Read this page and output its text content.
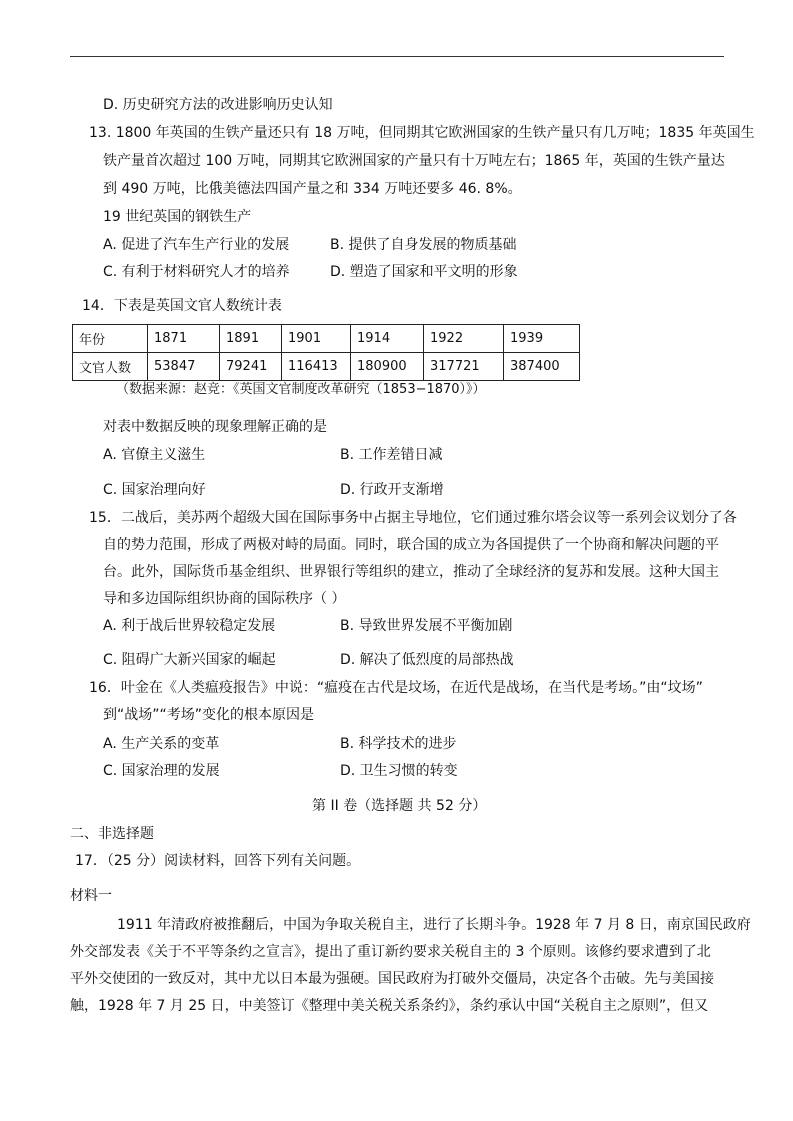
D. 历史研究方法的改进影响历史认知
13. 1800 年英国的生铁产量还只有 18 万吨，但同期其它欧洲国家的生铁产量只有几万吨；1835 年英国生
铁产量首次超过 100 万吨，同期其它欧洲国家的产量只有十万吨左右；1865 年，英国的生铁产量达
到 490 万吨，比俄美德法四国产量之和 334 万吨还要多 46. 8%。
19 世纪英国的钢铁生产
A. 促进了汽车生产行业的发展	B. 提供了自身发展的物质基础
C. 有利于材料研究人才的培养	D. 塑造了国家和平文明的形象
14．下表是英国文官人数统计表
年份	1871	1891	1901	1914	1922	1939
文官人数	53847	79241	116413	180900	317721	387400
（数据来源：赵竞：《英国文官制度改革研究（1853−1870）》）
对表中数据反映的现象理解正确的是
A. 官僚主义滋生	B. 工作差错日减
C. 国家治理向好	D. 行政开支渐增
15．二战后，美苏两个超级大国在国际事务中占据主导地位，它们通过雅尔塔会议等一系列会议划分了各
自的势力范围，形成了两极对峙的局面。同时，联合国的成立为各国提供了一个协商和解决问题的平
台。此外，国际货币基金组织、世界银行等组织的建立，推动了全球经济的复苏和发展。这种大国主
导和多边国际组织协商的国际秩序（ ）
A. 利于战后世界较稳定发展	B. 导致世界发展不平衡加剧
C. 阻碍广大新兴国家的崛起	D. 解决了低烈度的局部热战
16．叶金在《人类瘟疫报告》中说：“瘟疫在古代是坟场，在近代是战场，在当代是考场。”由“坟场”
到“战场”“考场”变化的根本原因是
A. 生产关系的变革	B. 科学技术的进步
C. 国家治理的发展	D. 卫生习惯的转变
第 II 卷（选择题 共 52 分）
二、非选择题
17．（25 分）阅读材料，回答下列有关问题。
材料一
1911 年清政府被推翻后，中国为争取关税自主，进行了长期斗争。1928 年 7 月 8 日，南京国民政府
外交部发表《关于不平等条约之宣言》，提出了重订新约要求关税自主的 3 个原则。该修约要求遭到了北
平外交使团的一致反对，其中尤以日本最为强硬。国民政府为打破外交僵局，决定各个击破。先与美国接
触，1928 年 7 月 25 日，中美签订《整理中美关税关系条约》，条约承认中国“关税自主之原则”，但又
